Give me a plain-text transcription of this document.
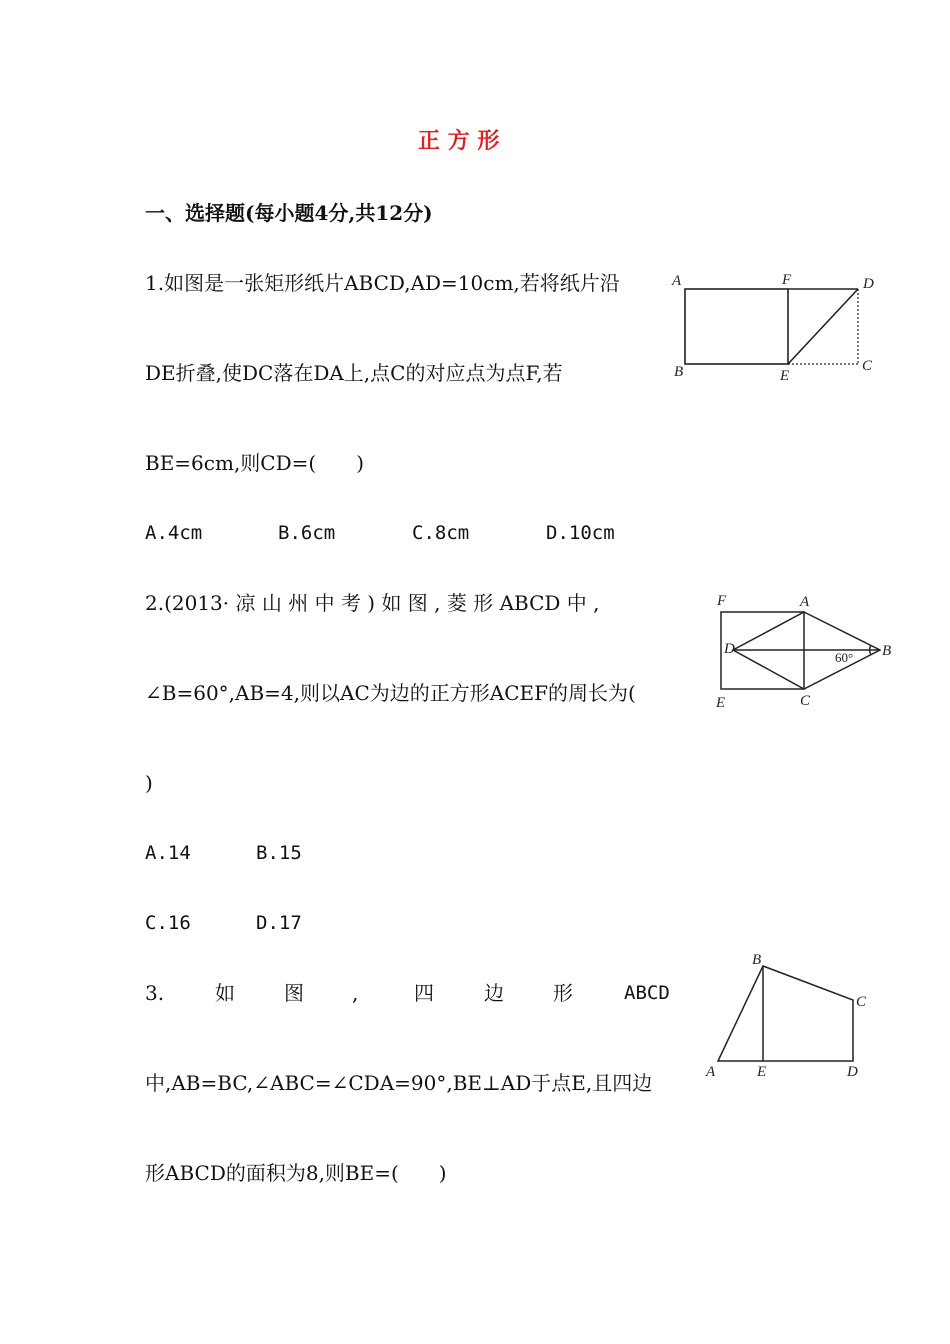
正 方 形
一、选择题(每小题4分,共12分)
1.如图是一张矩形纸片ABCD,AD=10cm,若将纸片沿
DE折叠,使DC落在DA上,点C的对应点为点F,若
BE=6cm,则CD=(　　)
A.4cm	B.6cm	C.8cm	D.10cm
A	F	D
B	E
C
2.(2013· 凉 山 州 中 考 ) 如 图 , 菱 形 ABCD 中 ,
∠B=60°,AB=4,则以AC为边的正方形ACEF的周长为(
)
A.14	B.15
C.16	D.17
F	A
D	B
60°
E	C
3.	如 图 ,	四	边 形	ABCD
中,AB=BC,∠ABC=∠CDA=90°,BE⊥AD于点E,且四边
形ABCD的面积为8,则BE=(　　)
B
C
A	E	D
